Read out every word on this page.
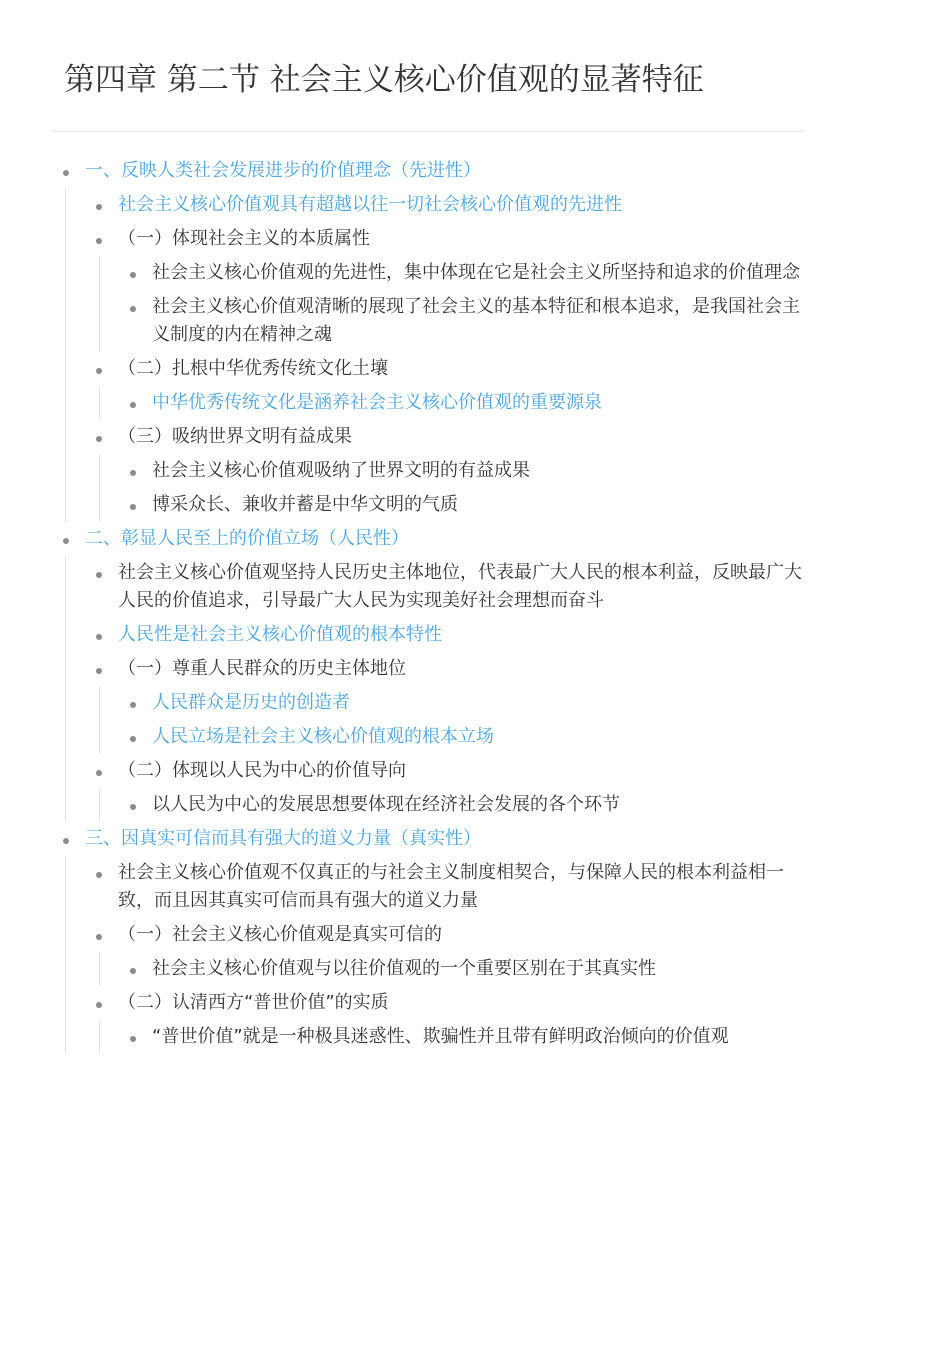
第四章 第二节 社会主义核心价值观的显著特征
一、反映人类社会发展进步的价值理念（先进性）
社会主义核心价值观具有超越以往一切社会核心价值观的先进性
（一）体现社会主义的本质属性
社会主义核心价值观的先进性，集中体现在它是社会主义所坚持和追求的价值理念
社会主义核心价值观清晰的展现了社会主义的基本特征和根本追求，是我国社会主义制度的内在精神之魂
（二）扎根中华优秀传统文化土壤
中华优秀传统文化是涵养社会主义核心价值观的重要源泉
（三）吸纳世界文明有益成果
社会主义核心价值观吸纳了世界文明的有益成果
博采众长、兼收并蓄是中华文明的气质
二、彰显人民至上的价值立场（人民性）
社会主义核心价值观坚持人民历史主体地位，代表最广大人民的根本利益，反映最广大人民的价值追求，引导最广大人民为实现美好社会理想而奋斗
人民性是社会主义核心价值观的根本特性
（一）尊重人民群众的历史主体地位
人民群众是历史的创造者
人民立场是社会主义核心价值观的根本立场
（二）体现以人民为中心的价值导向
以人民为中心的发展思想要体现在经济社会发展的各个环节
三、因真实可信而具有强大的道义力量（真实性）
社会主义核心价值观不仅真正的与社会主义制度相契合，与保障人民的根本利益相一致，而且因其真实可信而具有强大的道义力量
（一）社会主义核心价值观是真实可信的
社会主义核心价值观与以往价值观的一个重要区别在于其真实性
（二）认清西方“普世价值”的实质
“普世价值”就是一种极具迷惑性、欺骗性并且带有鲜明政治倾向的价值观
